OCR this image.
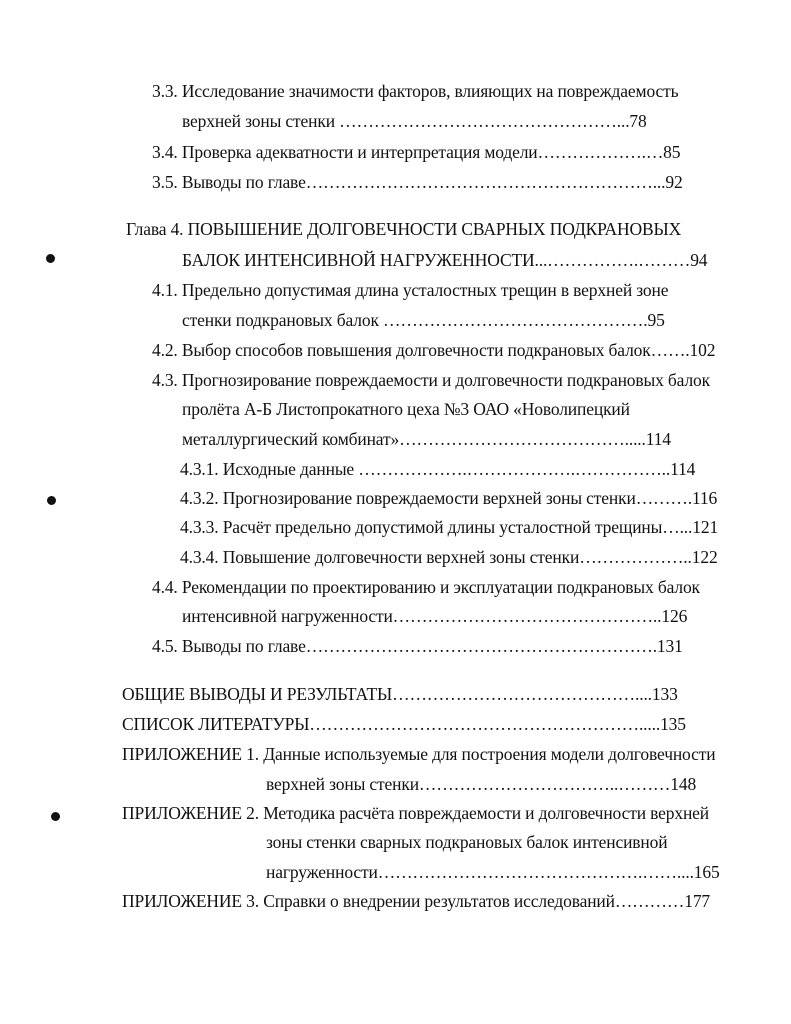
3.3. Исследование значимости факторов, влияющих на повреждаемость
верхней зоны стенки …………………………………………...78
3.4. Проверка адекватности и интерпретация модели……………….…85
3.5. Выводы по главе……………………………………………………...92
Глава 4. ПОВЫШЕНИЕ ДОЛГОВЕЧНОСТИ СВАРНЫХ ПОДКРАНОВЫХ
БАЛОК ИНТЕНСИВНОЙ НАГРУЖЕННОСТИ...…………….………94
4.1. Предельно допустимая длина усталостных трещин в верхней зоне
стенки подкрановых балок ……………………………………….95
4.2. Выбор способов повышения долговечности подкрановых балок…….102
4.3. Прогнозирование повреждаемости и долговечности подкрановых балок
пролёта А-Б Листопрокатного цеха №3 ОАО «Новолипецкий
металлургический комбинат»………………………………….....114
4.3.1. Исходные данные ……………….……………….……………..114
4.3.2. Прогнозирование повреждаемости верхней зоны стенки……….116
4.3.3. Расчёт предельно допустимой длины усталостной трещины…...121
4.3.4. Повышение долговечности верхней зоны стенки………………..122
4.4. Рекомендации по проектированию и эксплуатации подкрановых балок
интенсивной нагруженности………………………………………..126
4.5. Выводы по главе…………………………………………………….131
ОБЩИЕ ВЫВОДЫ И РЕЗУЛЬТАТЫ……………………………………....133
СПИСОК ЛИТЕРАТУРЫ………………………………………………….....135
ПРИЛОЖЕНИЕ 1. Данные используемые для построения модели долговечности
верхней зоны стенки……………………………..………148
ПРИЛОЖЕНИЕ 2. Методика расчёта повреждаемости и долговечности верхней
зоны стенки сварных подкрановых балок интенсивной
нагруженности……………………………………….……....165
ПРИЛОЖЕНИЕ 3. Справки о внедрении результатов исследований…………177
